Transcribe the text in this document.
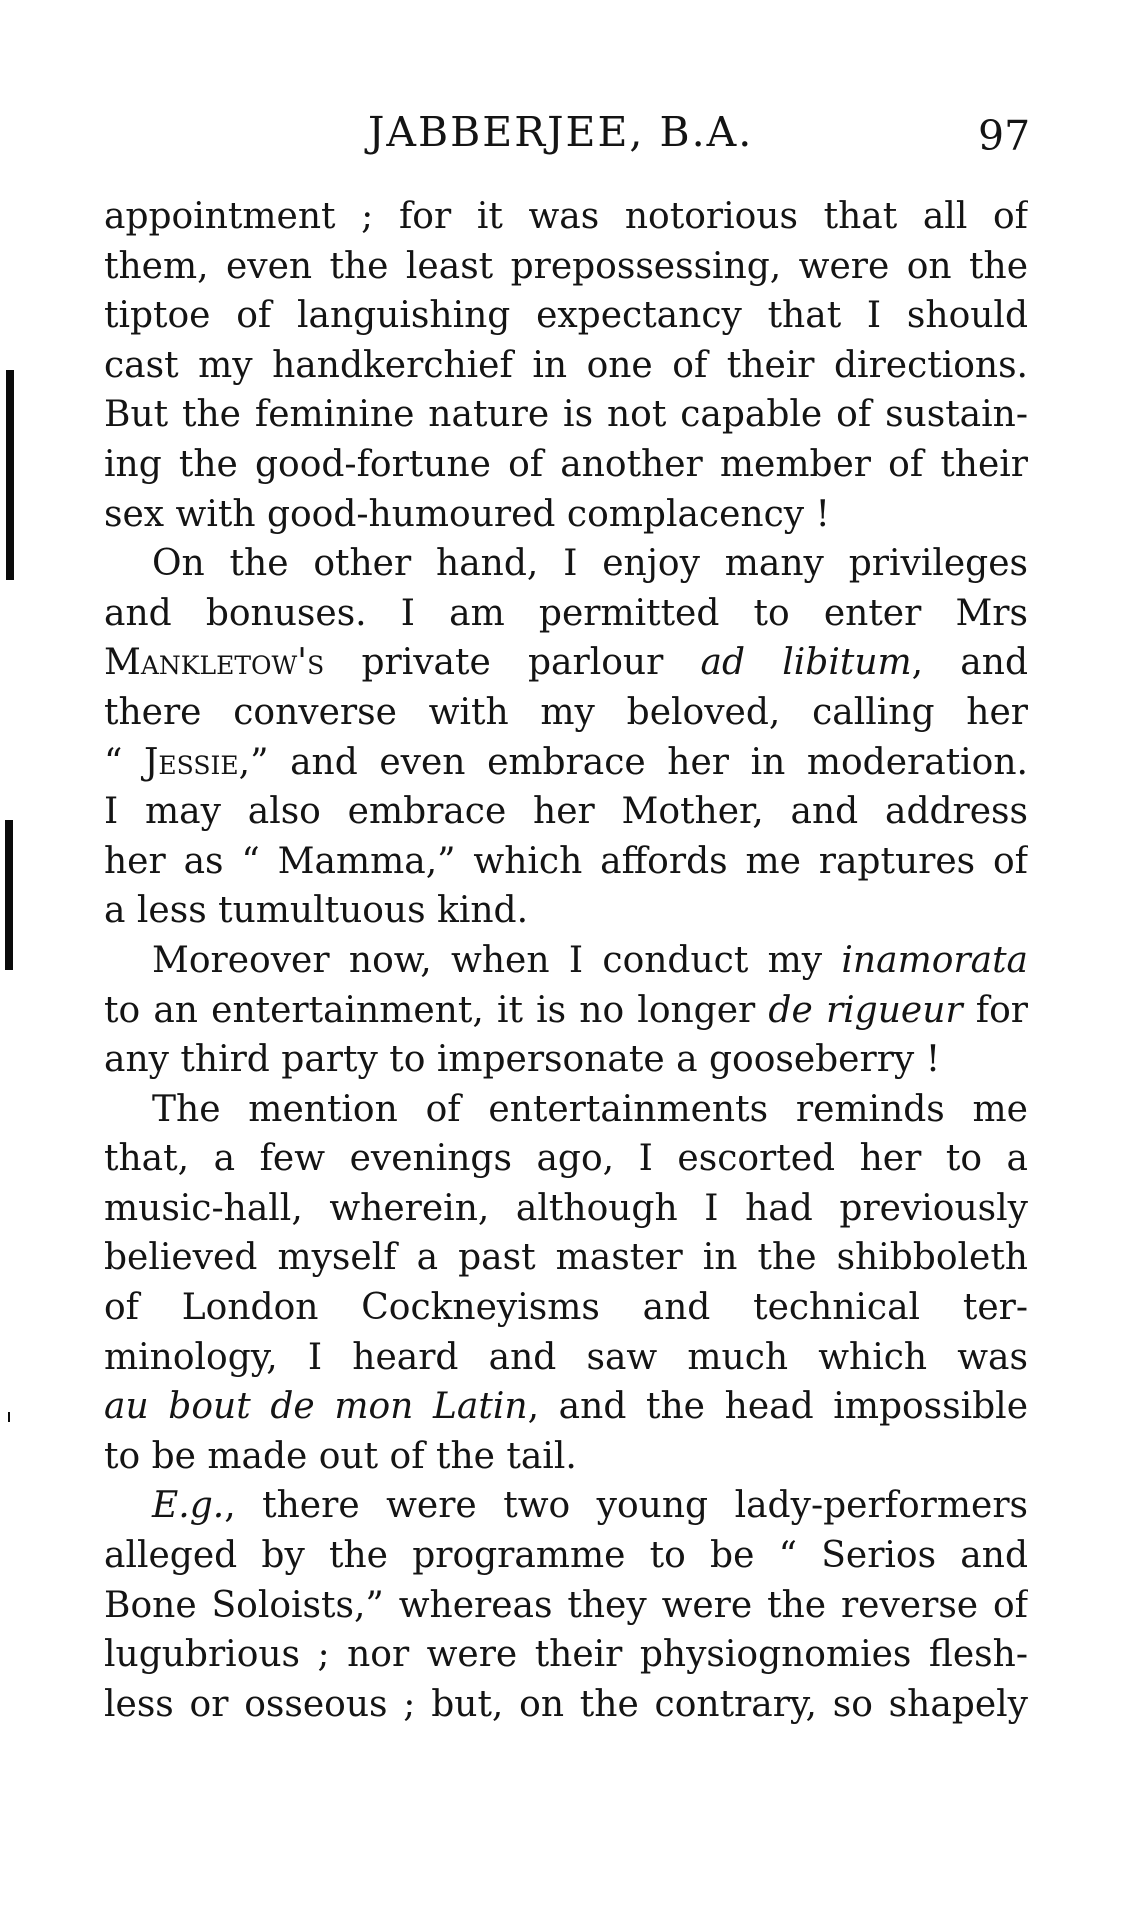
JABBERJEE, B.A.	97
appointment ; for it was notorious that all of
them, even the least prepossessing, were on the
tiptoe of languishing expectancy that I should
cast my handkerchief in one of their directions.
But the feminine nature is not capable of sustain-
ing the good-fortune of another member of their
sex with good-humoured complacency !
On the other hand, I enjoy many privileges
and bonuses. I am permitted to enter Mrs
Mankletow's private parlour ad libitum, and
there converse with my beloved, calling her
“ Jessie,” and even embrace her in moderation.
I may also embrace her Mother, and address
her as “ Mamma,” which affords me raptures of
a less tumultuous kind.
Moreover now, when I conduct my inamorata
to an entertainment, it is no longer de rigueur for
any third party to impersonate a gooseberry !
The mention of entertainments reminds me
that, a few evenings ago, I escorted her to a
music-hall, wherein, although I had previously
believed myself a past master in the shibboleth
of London Cockneyisms and technical ter-
minology, I heard and saw much which was
au bout de mon Latin, and the head impossible
to be made out of the tail.
E.g., there were two young lady-performers
alleged by the programme to be “ Serios and
Bone Soloists,” whereas they were the reverse of
lugubrious ; nor were their physiognomies flesh-
less or osseous ; but, on the contrary, so shapely
